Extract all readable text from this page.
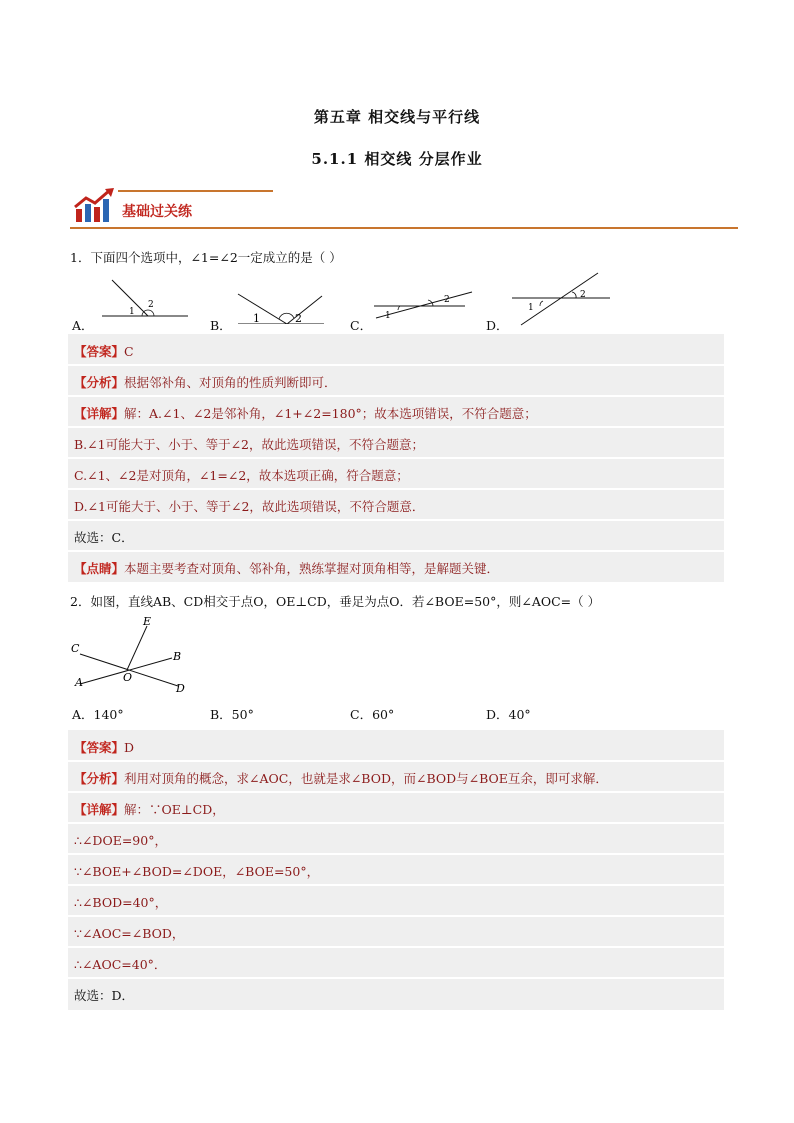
第五章 相交线与平行线
5.1.1 相交线 分层作业
基础过关练
1．下面四个选项中，∠1=∠2一定成立的是（ ）
A．
1
2
B． 1	2	C．
1
2
D．
1
2
【答案】C
【分析】根据邻补角、对顶角的性质判断即可．
【详解】解：A.∠1、∠2是邻补角，∠1+∠2=180°；故本选项错误，不符合题意；
B.∠1可能大于、小于、等于∠2，故此选项错误，不符合题意；
C.∠1、∠2是对顶角，∠1=∠2，故本选项正确，符合题意；
D.∠1可能大于、小于、等于∠2，故此选项错误，不符合题意．
故选：C．
【点睛】本题主要考查对顶角、邻补角，熟练掌握对顶角相等，是解题关键．
2．如图，直线AB、CD相交于点O，OE⊥CD，垂足为点O．若∠BOE=50°，则∠AOC=（ ）
E
C
B
A	O
D
A．140°	B．50°	C．60°	D．40°
【答案】D
【分析】利用对顶角的概念，求∠AOC，也就是求∠BOD，而∠BOD与∠BOE互余，即可求解．
【详解】解：∵OE⊥CD，
∴∠DOE=90°，
∵∠BOE+∠BOD=∠DOE，∠BOE=50°，
∴∠BOD=40°，
∵∠AOC=∠BOD，
∴∠AOC=40°．
故选：D．
